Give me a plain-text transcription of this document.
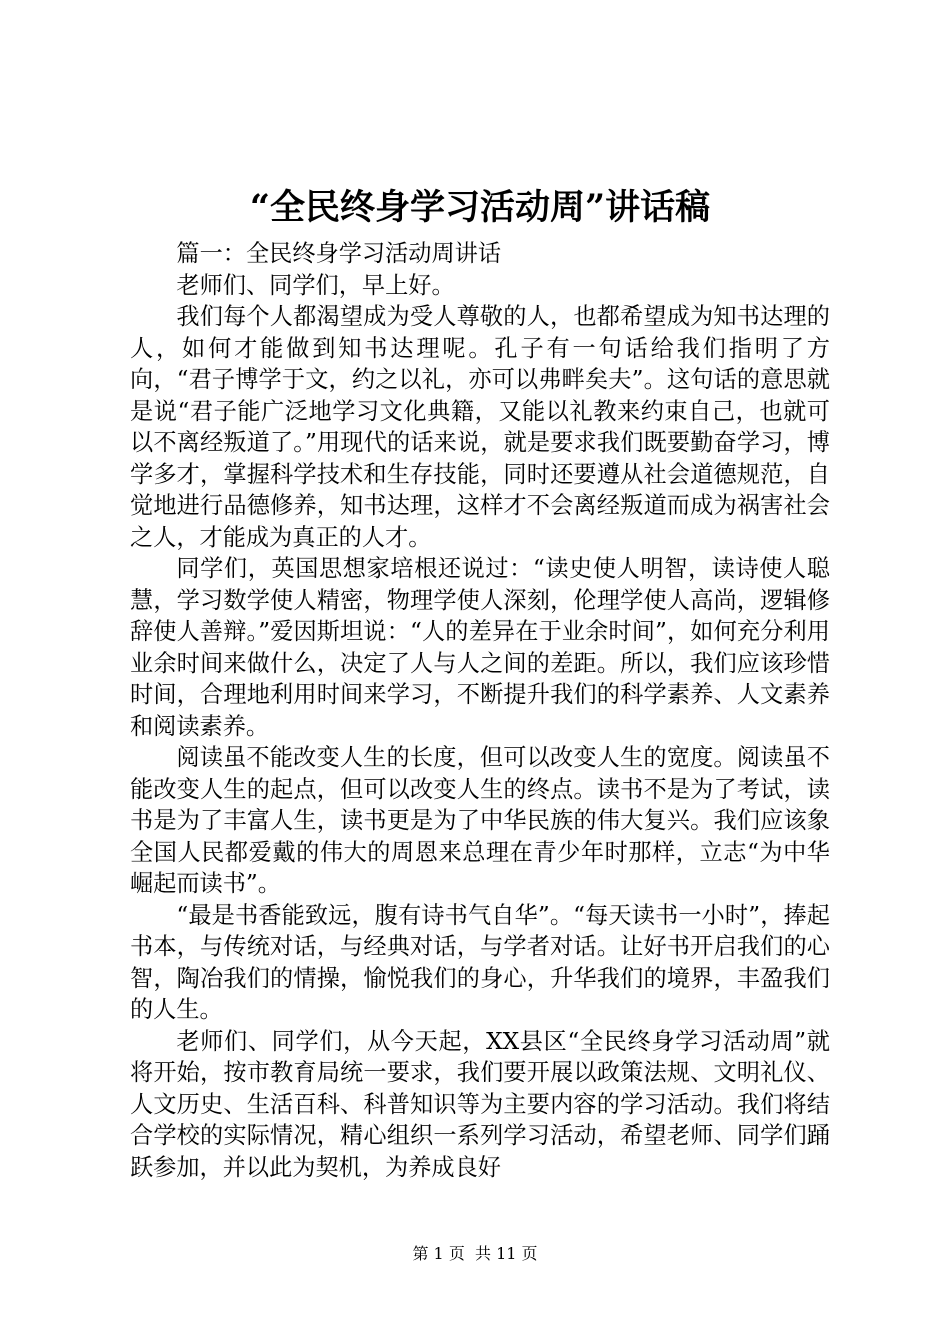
“全民终身学习活动周”讲话稿

篇一：全民终身学习活动周讲话

老师们、同学们，早上好。

我们每个人都渴望成为受人尊敬的人，也都希望成为知书达理的人，如何才能做到知书达理呢。孔子有一句话给我们指明了方向，“君子博学于文，约之以礼，亦可以弗畔矣夫”。这句话的意思就是说“君子能广泛地学习文化典籍，又能以礼教来约束自己，也就可以不离经叛道了。”用现代的话来说，就是要求我们既要勤奋学习，博学多才，掌握科学技术和生存技能，同时还要遵从社会道德规范，自觉地进行品德修养，知书达理，这样才不会离经叛道而成为祸害社会之人，才能成为真正的人才。

同学们，英国思想家培根还说过：“读史使人明智，读诗使人聪慧，学习数学使人精密，物理学使人深刻，伦理学使人高尚，逻辑修辞使人善辩。”爱因斯坦说：“人的差异在于业余时间”，如何充分利用业余时间来做什么，决定了人与人之间的差距。所以，我们应该珍惜时间，合理地利用时间来学习，不断提升我们的科学素养、人文素养和阅读素养。

阅读虽不能改变人生的长度，但可以改变人生的宽度。阅读虽不能改变人生的起点，但可以改变人生的终点。读书不是为了考试，读书是为了丰富人生，读书更是为了中华民族的伟大复兴。我们应该象全国人民都爱戴的伟大的周恩来总理在青少年时那样，立志“为中华崛起而读书”。

“最是书香能致远，腹有诗书气自华”。“每天读书一小时”，捧起书本，与传统对话，与经典对话，与学者对话。让好书开启我们的心智，陶冶我们的情操，愉悦我们的身心，升华我们的境界，丰盈我们的人生。

老师们、同学们，从今天起，XX县区“全民终身学习活动周”就将开始，按市教育局统一要求，我们要开展以政策法规、文明礼仪、人文历史、生活百科、科普知识等为主要内容的学习活动。我们将结合学校的实际情况，精心组织一系列学习活动，希望老师、同学们踊跃参加，并以此为契机，为养成良好

第 1 页  共 11 页
